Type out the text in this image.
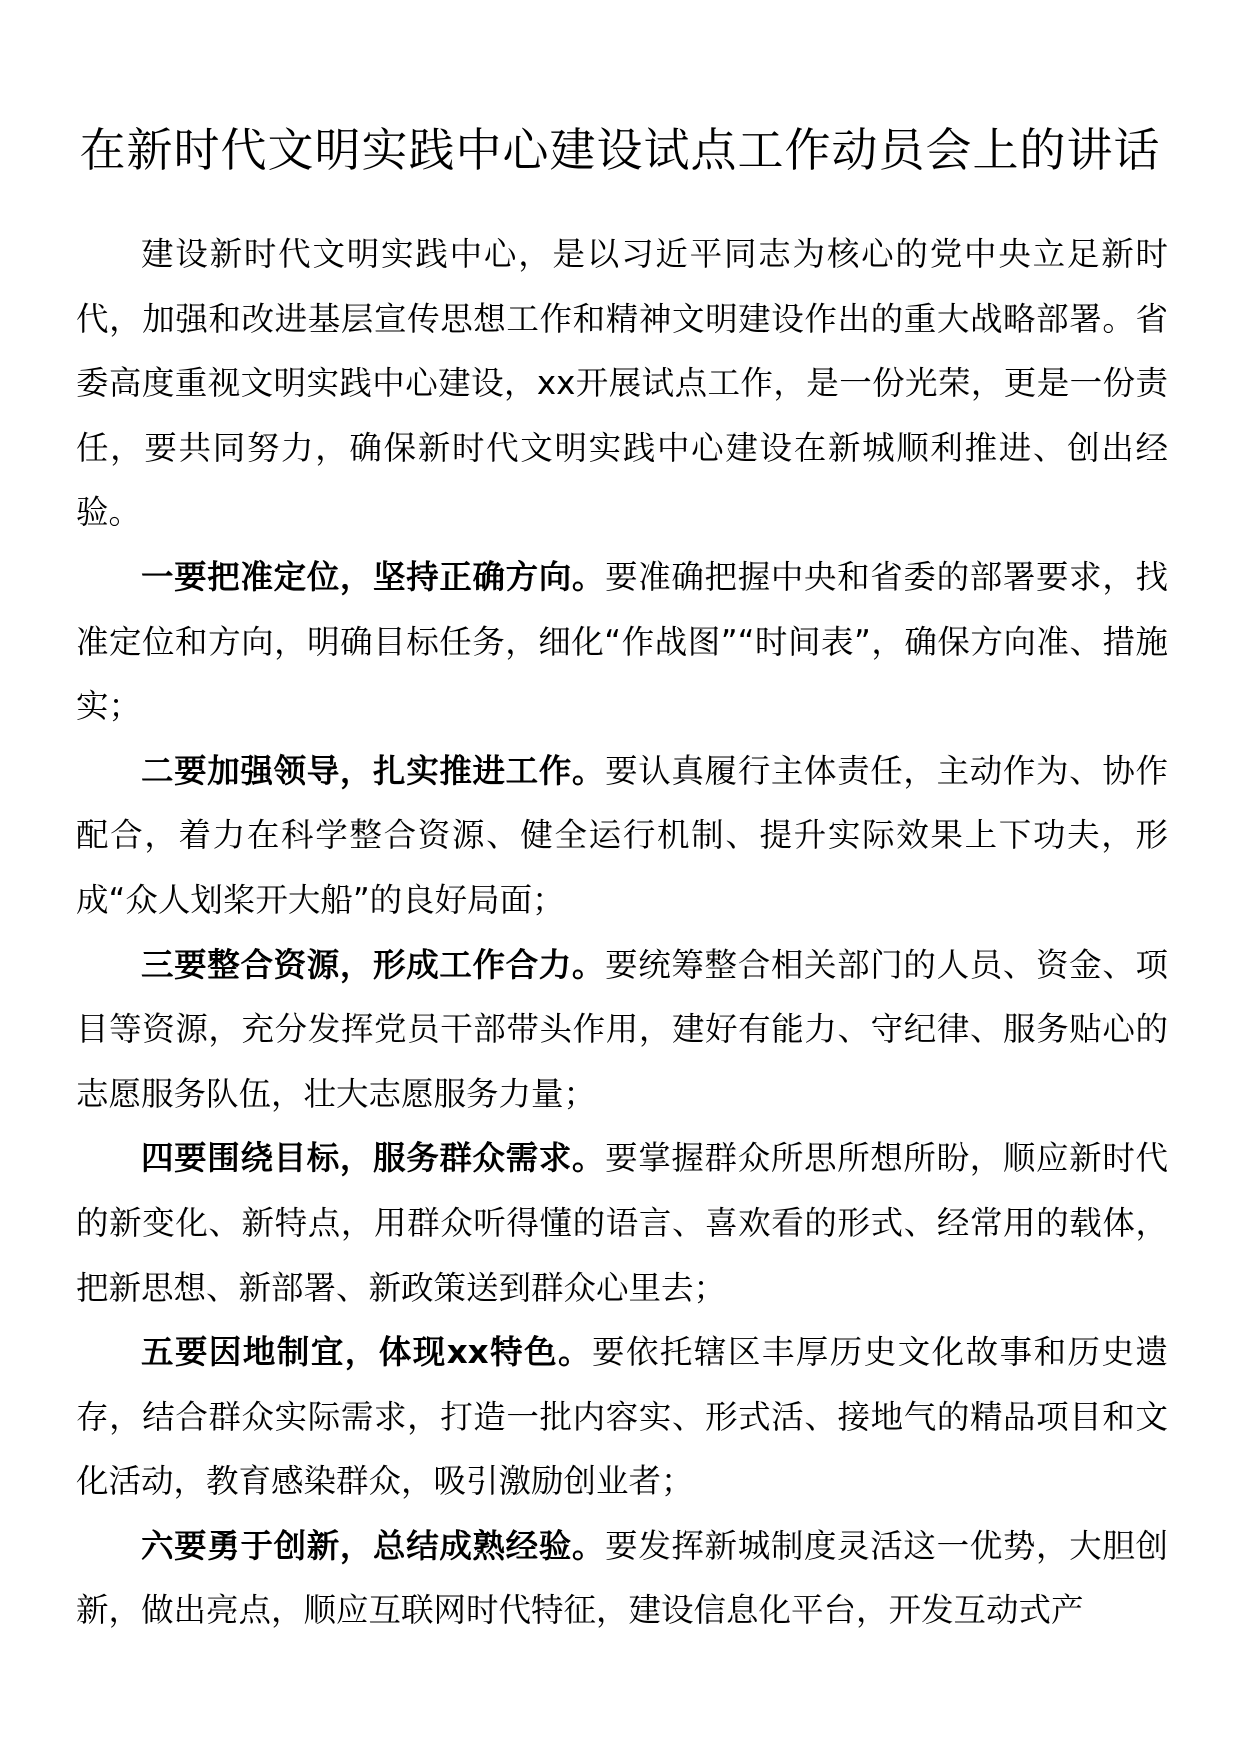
在新时代文明实践中心建设试点工作动员会上的讲话

建设新时代文明实践中心，是以习近平同志为核心的党中央立足新时代，加强和改进基层宣传思想工作和精神文明建设作出的重大战略部署。省委高度重视文明实践中心建设，xx开展试点工作，是一份光荣，更是一份责任，要共同努力，确保新时代文明实践中心建设在新城顺利推进、创出经验。

一要把准定位，坚持正确方向。要准确把握中央和省委的部署要求，找准定位和方向，明确目标任务，细化“作战图”“时间表”，确保方向准、措施实；

二要加强领导，扎实推进工作。要认真履行主体责任，主动作为、协作配合，着力在科学整合资源、健全运行机制、提升实际效果上下功夫，形成“众人划桨开大船”的良好局面；

三要整合资源，形成工作合力。要统筹整合相关部门的人员、资金、项目等资源，充分发挥党员干部带头作用，建好有能力、守纪律、服务贴心的志愿服务队伍，壮大志愿服务力量；

四要围绕目标，服务群众需求。要掌握群众所思所想所盼，顺应新时代的新变化、新特点，用群众听得懂的语言、喜欢看的形式、经常用的载体，把新思想、新部署、新政策送到群众心里去；

五要因地制宜，体现xx特色。要依托辖区丰厚历史文化故事和历史遗存，结合群众实际需求，打造一批内容实、形式活、接地气的精品项目和文化活动，教育感染群众，吸引激励创业者；

六要勇于创新，总结成熟经验。要发挥新城制度灵活这一优势，大胆创新，做出亮点，顺应互联网时代特征，建设信息化平台，开发互动式产
